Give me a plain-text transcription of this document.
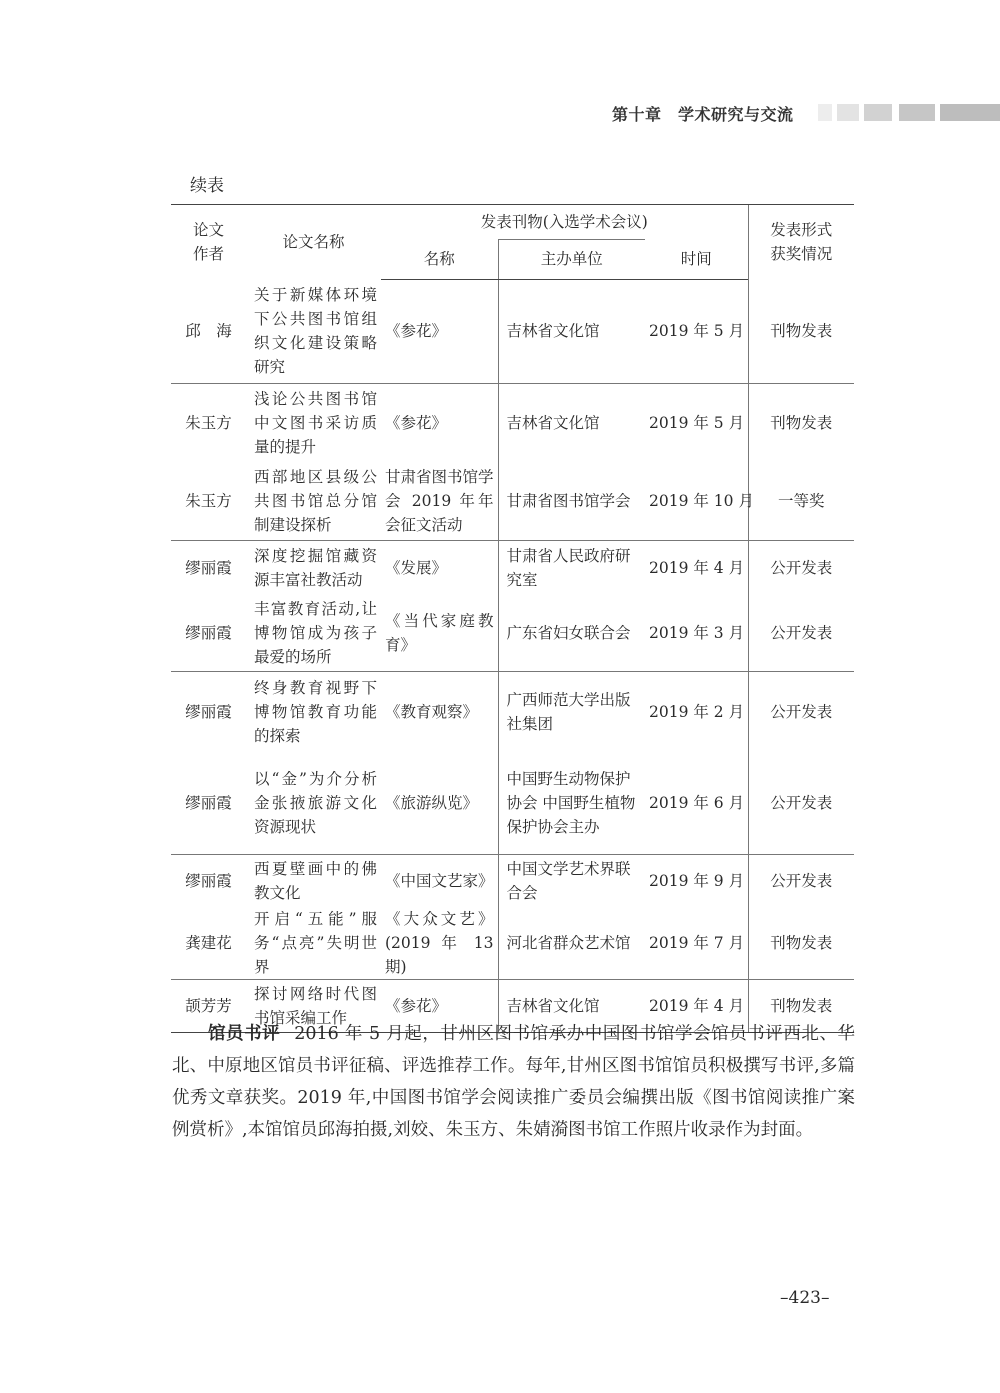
第十章　学术研究与交流
续表
论文作者	论文名称	发表刊物(入选学术会议)			发表形式获奖情况

		名称	主办单位	时间	
邱　海	关于新媒体环境下公共图书馆组织文化建设策略研究	《参花》	吉林省文化馆	2019 年 5 月	刊物发表
朱玉方	浅论公共图书馆中文图书采访质量的提升	《参花》	吉林省文化馆	2019 年 5 月	刊物发表
朱玉方	西部地区县级公共图书馆总分馆制建设探析	甘肃省图书馆学会 2019 年年会征文活动	甘肃省图书馆学会	2019 年 10 月	一等奖
缪丽霞	深度挖掘馆藏资源丰富社教活动	《发展》	甘肃省人民政府研究室	2019 年 4 月	公开发表
缪丽霞	丰富教育活动,让博物馆成为孩子最爱的场所	《当代家庭教育》	广东省妇女联合会	2019 年 3 月	公开发表
缪丽霞	终身教育视野下博物馆教育功能的探索	《教育观察》	广西师范大学出版社集团	2019 年 2 月	公开发表
缪丽霞	以“金”为介分析金张掖旅游文化资源现状	《旅游纵览》	中国野生动物保护协会 中国野生植物保护协会主办	2019 年 6 月	公开发表
缪丽霞	西夏壁画中的佛教文化	《中国文艺家》	中国文学艺术界联合会	2019 年 9 月	公开发表
龚建花	开启“五能”服务“点亮”失明世界	《大众文艺》(2019 年 13 期)	河北省群众艺术馆	2019 年 7 月	刊物发表
颉芳芳	探讨网络时代图书馆采编工作	《参花》	吉林省文化馆	2019 年 4 月	刊物发表
馆员书评 2016 年 5 月起，甘州区图书馆承办中国图书馆学会馆员书评西北、华北、中原地区馆员书评征稿、评选推荐工作。每年,甘州区图书馆馆员积极撰写书评,多篇优秀文章获奖。2019 年,中国图书馆学会阅读推广委员会编撰出版《图书馆阅读推广案例赏析》,本馆馆员邱海拍摄,刘姣、朱玉方、朱婧漪图书馆工作照片收录作为封面。
–423–
